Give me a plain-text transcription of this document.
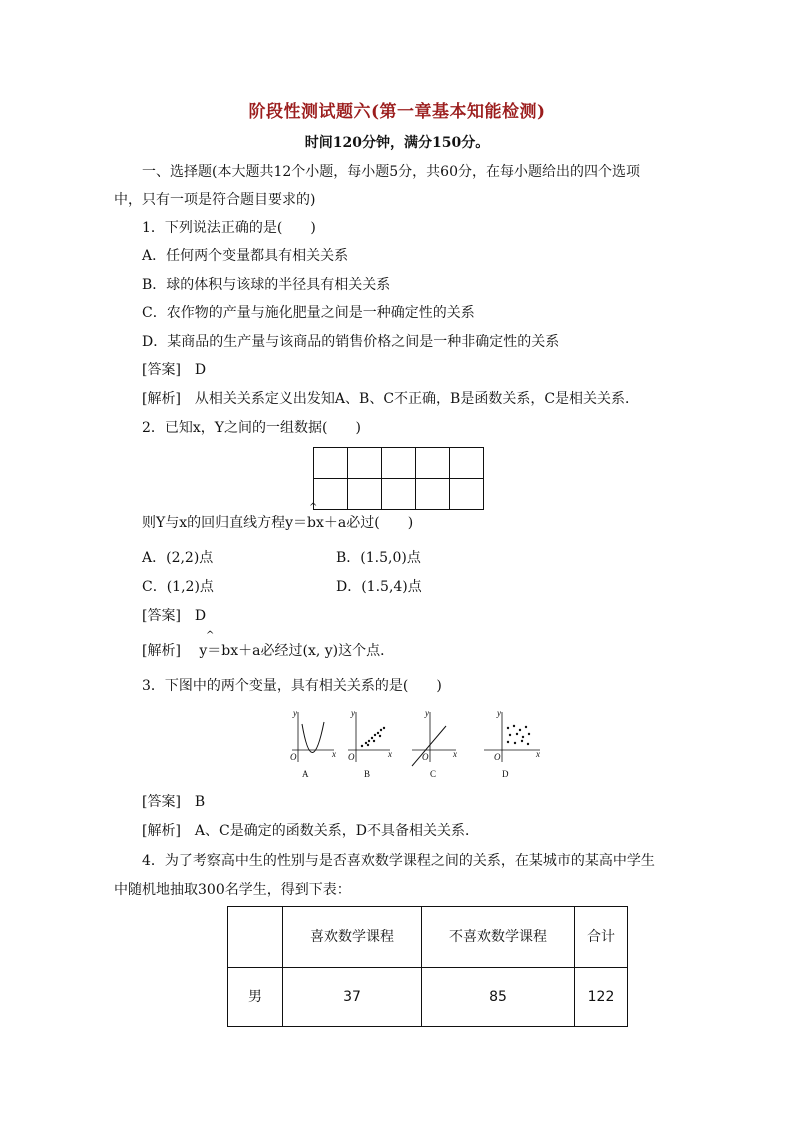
阶段性测试题六(第一章基本知能检测)
时间120分钟，满分150分。
一、选择题(本大题共12个小题，每小题5分，共60分，在每小题给出的四个选项
中，只有一项是符合题目要求的)
1．下列说法正确的是(　　)
A．任何两个变量都具有相关关系
B．球的体积与该球的半径具有相关关系
C．农作物的产量与施化肥量之间是一种确定性的关系
D．某商品的生产量与该商品的销售价格之间是一种非确定性的关系
[答案]　D
[解析]　从相关关系定义出发知A、B、C不正确，B是函数关系，C是相关关系．
2．已知x，Y之间的一组数据(　　)

^
则Y与x的回归直线方程y＝bx＋a必过(　　)
A．(2,2)点	B．(1.5,0)点
C．(1,2)点	D．(1.5,4)点
[答案]　D
^
[解析]　 y＝bx＋a必经过(x, y)这个点．
3．下图中的两个变量，具有相关关系的是(　　)
y
x
O
A
y
x
O
B
y
x
O
C
y
x
O
D
[答案]　B
[解析]　A、C是确定的函数关系，D不具备相关关系．
4．为了考察高中生的性别与是否喜欢数学课程之间的关系，在某城市的某高中学生
中随机地抽取300名学生，得到下表：
	喜欢数学课程	不喜欢数学课程	合计
男	37	85	122
